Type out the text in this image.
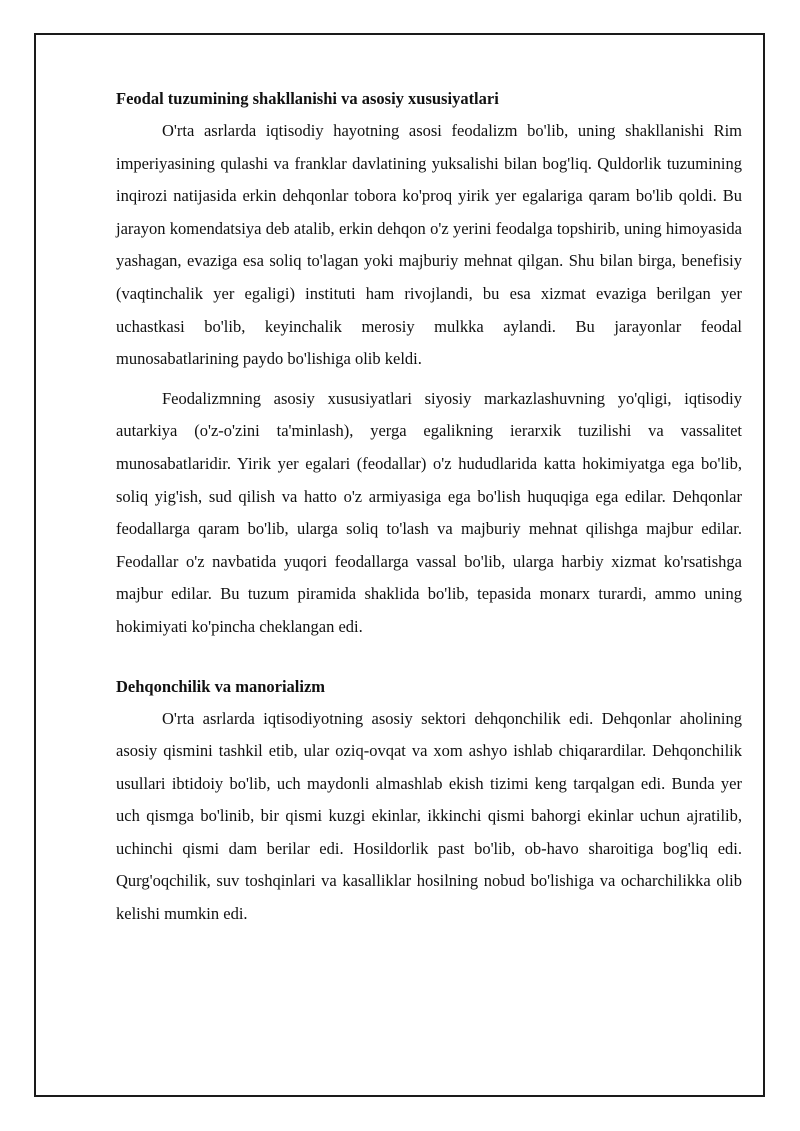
Feodal tuzumining shakllanishi va asosiy xususiyatlari

O'rta asrlarda iqtisodiy hayotning asosi feodalizm bo'lib, uning shakllanishi Rim imperiyasining qulashi va franklar davlatining yuksalishi bilan bog'liq. Quldorlik tuzumining inqirozi natijasida erkin dehqonlar tobora ko'proq yirik yer egalariga qaram bo'lib qoldi. Bu jarayon komendatsiya deb atalib, erkin dehqon o'z yerini feodalga topshirib, uning himoyasida yashagan, evaziga esa soliq to'lagan yoki majburiy mehnat qilgan. Shu bilan birga, benefisiy (vaqtinchalik yer egaligi) instituti ham rivojlandi, bu esa xizmat evaziga berilgan yer uchastkasi bo'lib, keyinchalik merosiy mulkka aylandi. Bu jarayonlar feodal munosabatlarining paydo bo'lishiga olib keldi.

Feodalizmning asosiy xususiyatlari siyosiy markazlashuvning yo'qligi, iqtisodiy autarkiya (o'z-o'zini ta'minlash), yerga egalikning ierarxik tuzilishi va vassalitet munosabatlaridir. Yirik yer egalari (feodallar) o'z hududlarida katta hokimiyatga ega bo'lib, soliq yig'ish, sud qilish va hatto o'z armiyasiga ega bo'lish huquqiga ega edilar. Dehqonlar feodallarga qaram bo'lib, ularga soliq to'lash va majburiy mehnat qilishga majbur edilar. Feodallar o'z navbatida yuqori feodallarga vassal bo'lib, ularga harbiy xizmat ko'rsatishga majbur edilar. Bu tuzum piramida shaklida bo'lib, tepasida monarx turardi, ammo uning hokimiyati ko'pincha cheklangan edi.

Dehqonchilik va manorializm

O'rta asrlarda iqtisodiyotning asosiy sektori dehqonchilik edi. Dehqonlar aholining asosiy qismini tashkil etib, ular oziq-ovqat va xom ashyo ishlab chiqarardilar. Dehqonchilik usullari ibtidoiy bo'lib, uch maydonli almashlab ekish tizimi keng tarqalgan edi. Bunda yer uch qismga bo'linib, bir qismi kuzgi ekinlar, ikkinchi qismi bahorgi ekinlar uchun ajratilib, uchinchi qismi dam berilar edi. Hosildorlik past bo'lib, ob-havo sharoitiga bog'liq edi. Qurg'oqchilik, suv toshqinlari va kasalliklar hosilning nobud bo'lishiga va ocharchilikka olib kelishi mumkin edi.
